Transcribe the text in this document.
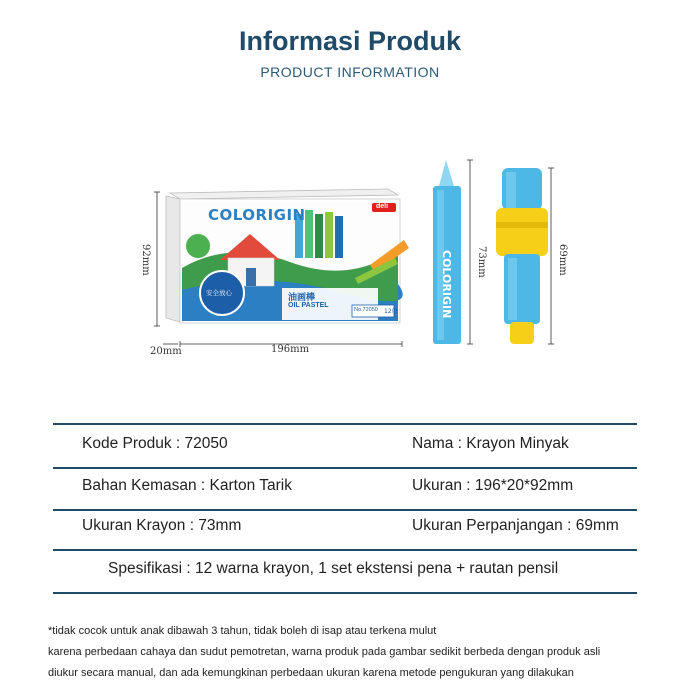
Informasi Produk
PRODUCT INFORMATION
COLORIGIN	deli
油画棒
OIL PASTEL
No.72050 12色
安全放心	COLORIGIN
92mm
196mm
20mm
73mm	69mm
Kode Produk : 72050	Nama : Krayon Minyak
Bahan Kemasan : Karton Tarik	Ukuran : 196*20*92mm
Ukuran Krayon : 73mm	Ukuran Perpanjangan : 69mm
Spesifikasi : 12 warna krayon, 1 set ekstensi pena + rautan pensil
*tidak cocok untuk anak dibawah 3 tahun, tidak boleh di isap atau terkena mulut
karena perbedaan cahaya dan sudut pemotretan, warna produk pada gambar sedikit berbeda dengan produk asli
diukur secara manual, dan ada kemungkinan perbedaan ukuran karena metode pengukuran yang dilakukan
